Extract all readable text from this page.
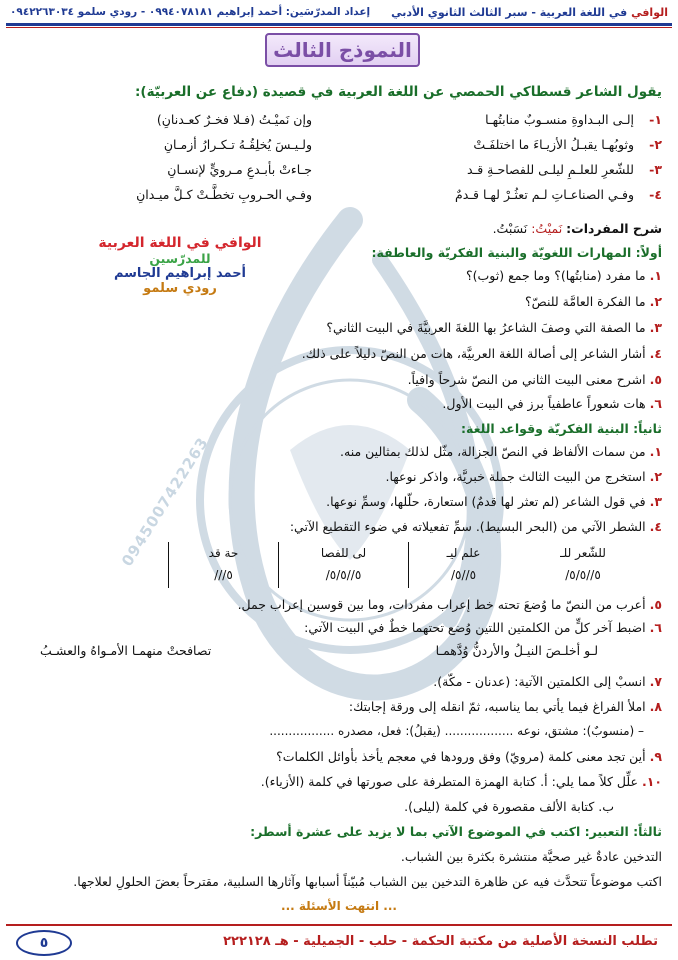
0945007422263
الوافي في اللغة العربية - سبر الثالث الثانوي الأدبي
إعداد المدرّسَين: أحمد إبراهيم ٠٩٩٤٠٧٨١٨١ - رودي سلمو ٠٩٤٢٢٦٣٠٣٤
النموذج الثالث
يقول الشاعر قسطاكي الحمصي عن اللغة العربية في قصيدة (دفاع عن العربيّة):
١-
إلـى البـداوةِ منسـوبٌ منابتُهـا
وإن نَميْـتُ (فـلا فخـرٌ كعـدنانِ)
٢-
وثوبُهـا يقبـلُ الأزيـاءَ ما اختلفَـتْ
ولـيـسَ يُخلِقُـهُ تـكـرارُ أزمـانِ
٣-
للشّعرِ للعلـمِ ليلـى للفصاحـةِ قـد
جـاءتْ بأبـدعِ مـرويٍّ لإنسـانِ
٤-
وفـي الصناعـاتِ لـم تعثُـرْ لهـا قـدمٌ
وفـي الحـروبِ تخطَّـتْ كـلَّ ميـدانِ
شرح المفردات: نَميْتُ: نَسَبْتُ.
الوافي في اللغة العربية
للمدرّسين
أحمد إبراهيم الجاسم
رودي سلمو
أولاً: المهارات اللغويّة والبنية الفكريّة والعاطفة:
١.ما مفرد (منابتُها)؟ وما جمع (ثوب)؟
٢.ما الفكرة العامَّة للنصّ؟
٣.ما الصفة التي وصفَ الشاعرُ بها اللغةَ العربيَّةَ في البيت الثاني؟
٤.أشار الشاعر إلى أصالة اللغة العربيَّة، هات من النصّ دليلاً على ذلك.
٥.اشرح معنى البيت الثاني من النصّ شرحاً وافياً.
٦.هات شعوراً عاطفياً برز في البيت الأول.
ثانياً: البنية الفكريّة وقواعد اللغة:
١.من سمات الألفاظ في النصّ الجزالة، مثّل لذلك بمثالين منه.
٢.استخرج من البيت الثالث جملة خبريَّة، واذكر نوعها.
٣.في قول الشاعر (لم تعثر لها قدمٌ) استعارة، حلّلها، وسمِّ نوعها.
٤.الشطر الآتي من (البحر البسيط). سمِّ تفعيلاته في ضوء التقطيع الآتي:
للشّعر للـ
/٥//٥/٥
علم ليـ
/٥//٥
لى للفصا
/٥//٥/٥
حة قد
///٥
٥.أعرب من النصّ ما وُضعَ تحته خط إعراب مفردات، وما بين قوسين إعراب جمل.
٦.اضبط آخر كلٍّ من الكلمتين اللتين وُضع تحتهما خطٌ في البيت الآتي:
لـو أخلـصَ النيـلُ والأردنُّ وُدَّهمـا
تصافحتْ منهمـا الأمـواهُ والعشـبُ
٧.انسبْ إلى الكلمتين الآتية: (عدنان - مكّة).
٨.املأ الفراغ فيما يأتي بما يناسبه، ثمّ انقله إلى ورقة إجابتك:
– (منسوبٌ): مشتق، نوعه .................. (يقبلُ): فعل، مصدره .................
٩.أين تجد معنى كلمة (مرويّ) وفق ورودها في معجم يأخذ بأوائل الكلمات؟
١٠.علِّل كلاً مما يلي: أ. كتابة الهمزة المتطرفة على صورتها في كلمة (الأزياء).
ب. كتابة الألف مقصورة في كلمة (ليلى).
ثالثاً: التعبير: اكتب في الموضوع الآتي بما لا يزيد على عشرة أسطر:
التدخين عادةٌ غير صحيَّة منتشرة بكثرة بين الشباب.
اكتب موضوعاً تتحدَّث فيه عن ظاهرة التدخين بين الشباب مُبيّناً أسبابها وآثارها السلبية، مقترحاً بعضَ الحلولِ لعلاجها.
... انتهت الأسئلة ...
تطلب النسخة الأصلية من مكتبة الحكمة - حلب - الجميلية - هـ ٢٢٢١٢٨
٥
